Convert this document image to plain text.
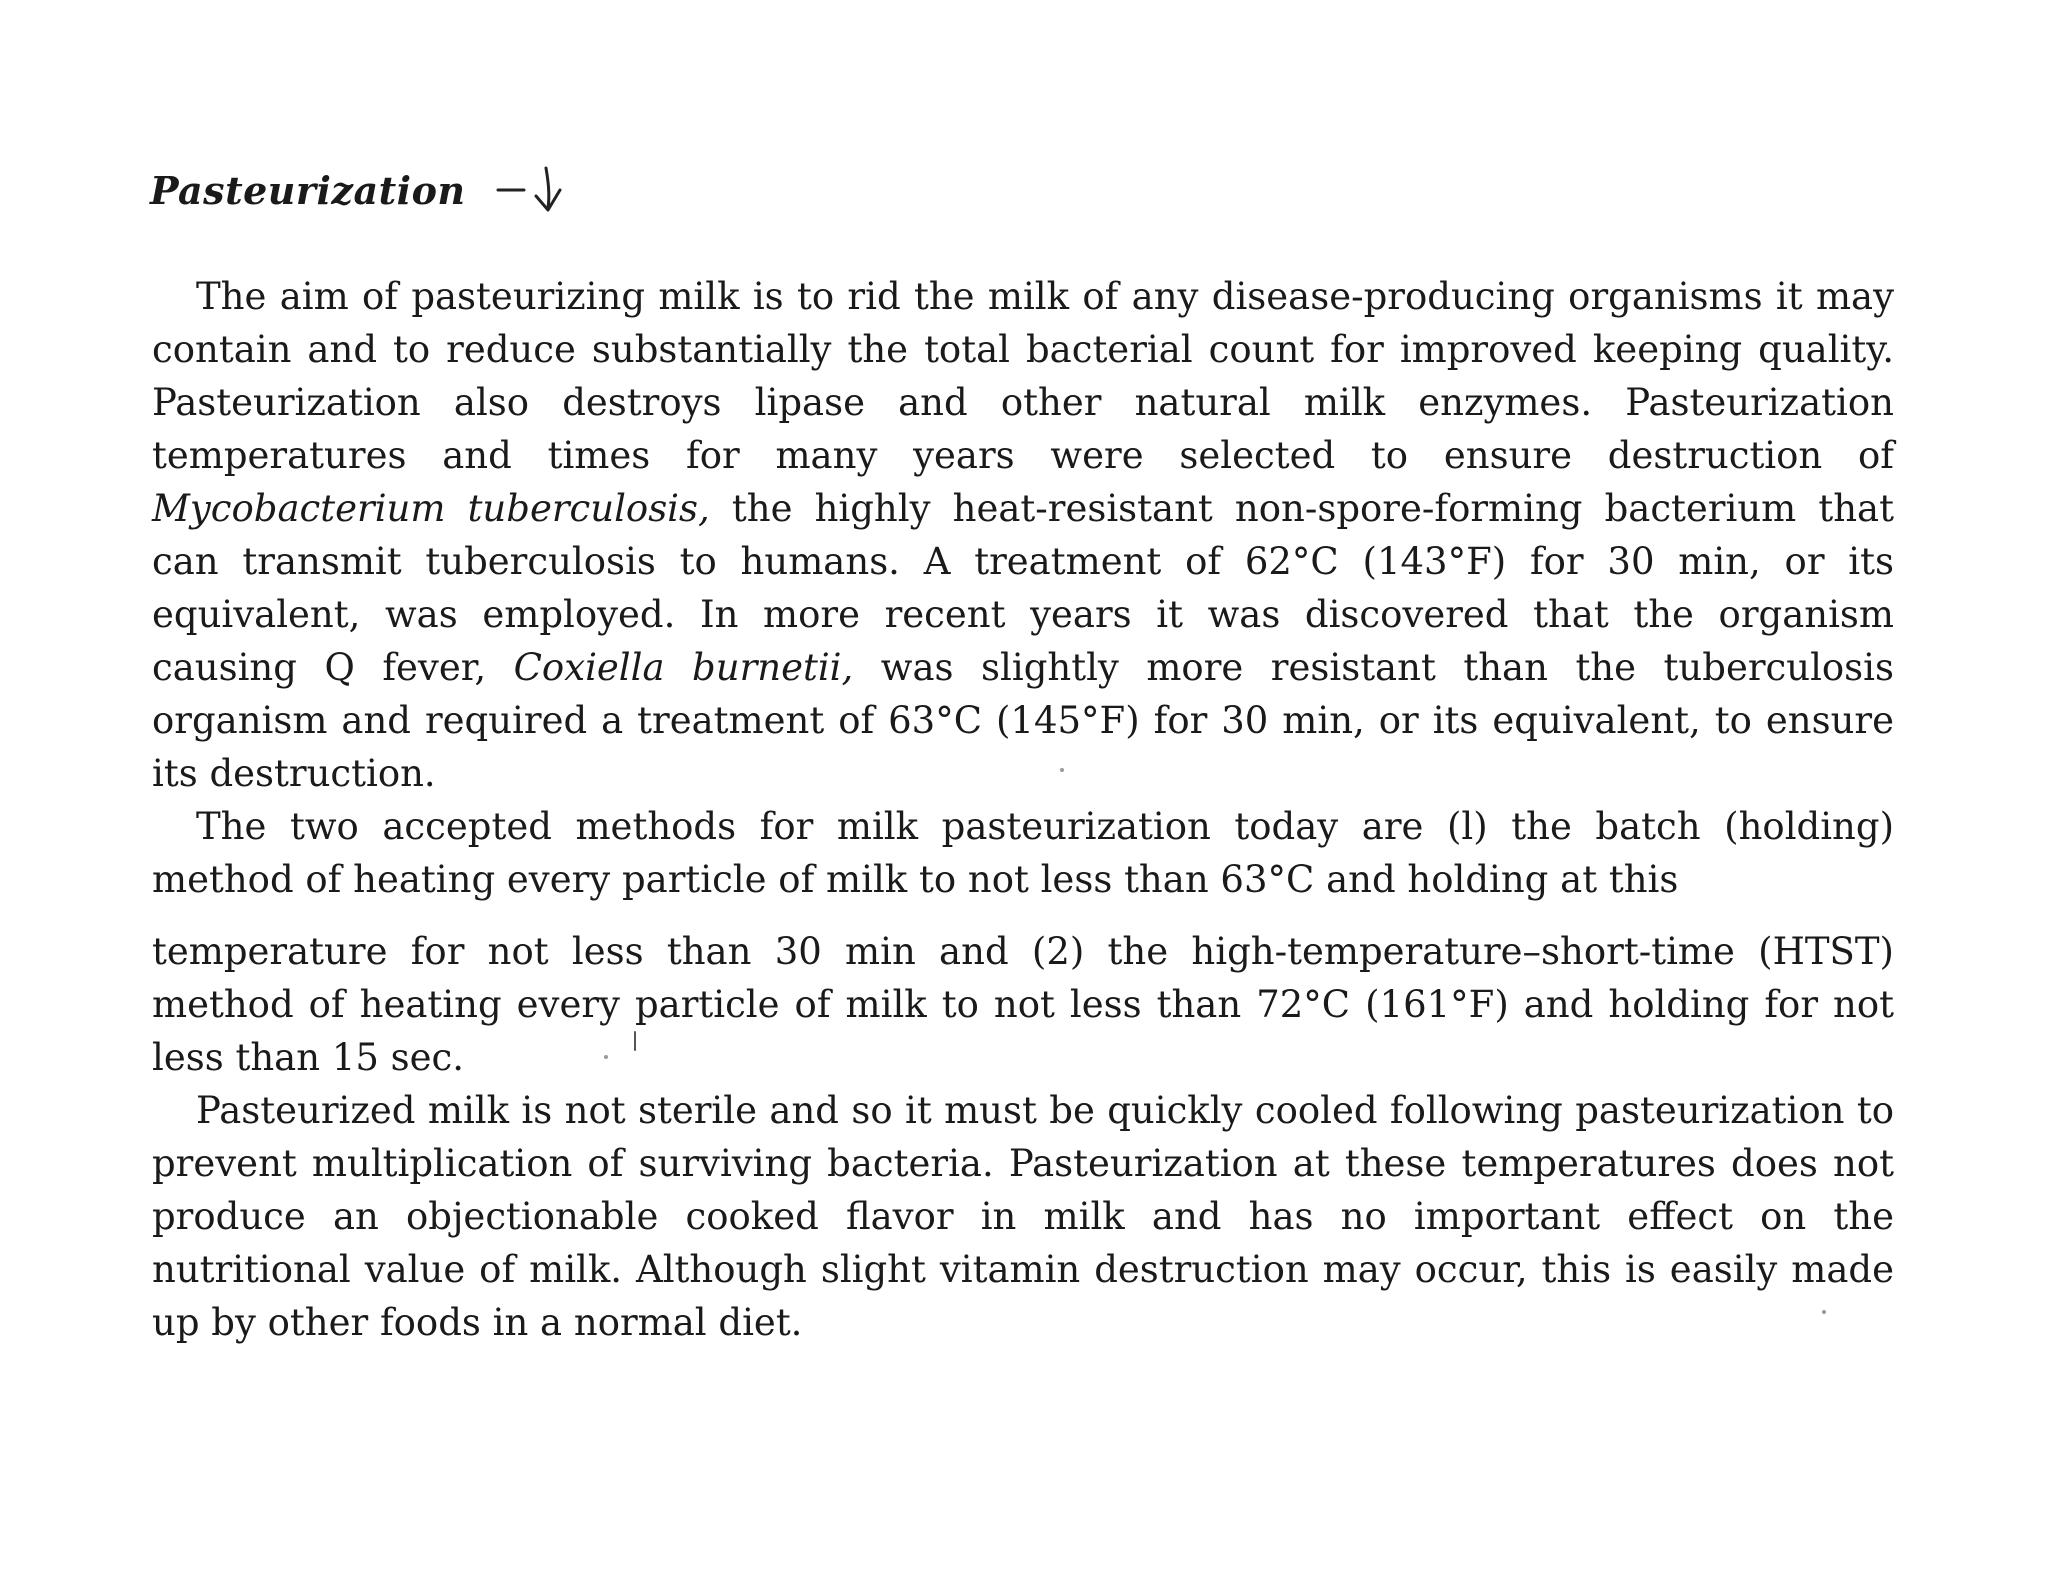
Pasteurization

The aim of pasteurizing milk is to rid the milk of any disease-producing organisms it may contain and to reduce substantially the total bacterial count for improved keeping quality. Pasteurization also destroys lipase and other natural milk enzymes. Pasteurization temperatures and times for many years were selected to ensure destruction of Mycobacterium tuberculosis, the highly heat-resistant non-spore-forming bacterium that can transmit tuberculosis to humans. A treatment of 62°C (143°F) for 30 min, or its equivalent, was employed. In more recent years it was discovered that the organism causing Q fever, Coxiella burnetii, was slightly more resistant than the tuberculosis organism and required a treatment of 63°C (145°F) for 30 min, or its equivalent, to ensure its destruction.

The two accepted methods for milk pasteurization today are (l) the batch (holding) method of heating every particle of milk to not less than 63°C and holding at this

temperature for not less than 30 min and (2) the high-temperature–short-time (HTST) method of heating every particle of milk to not less than 72°C (161°F) and holding for not less than 15 sec.

Pasteurized milk is not sterile and so it must be quickly cooled following pasteurization to prevent multiplication of surviving bacteria. Pasteurization at these temperatures does not produce an objectionable cooked flavor in milk and has no important effect on the nutritional value of milk. Although slight vitamin destruction may occur, this is easily made up by other foods in a normal diet.
